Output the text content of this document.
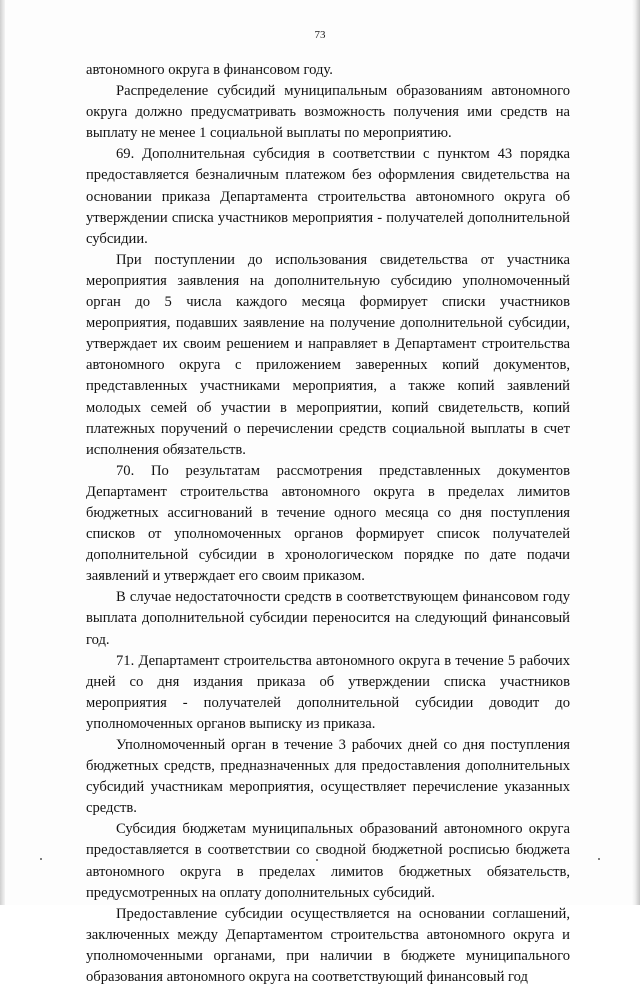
73

автономного округа в финансовом году.

Распределение субсидий муниципальным образованиям автономного округа должно предусматривать возможность получения ими средств на выплату не менее 1 социальной выплаты по мероприятию.

69. Дополнительная субсидия в соответствии с пунктом 43 порядка предоставляется безналичным платежом без оформления свидетельства на основании приказа Департамента строительства автономного округа об утверждении списка участников мероприятия - получателей дополнительной субсидии.

При поступлении до использования свидетельства от участника мероприятия заявления на дополнительную субсидию уполномоченный орган до 5 числа каждого месяца формирует списки участников мероприятия, подавших заявление на получение дополнительной субсидии, утверждает их своим решением и направляет в Департамент строительства автономного округа с приложением заверенных копий документов, представленных участниками мероприятия, а также копий заявлений молодых семей об участии в мероприятии, копий свидетельств, копий платежных поручений о перечислении средств социальной выплаты в счет исполнения обязательств.

70. По результатам рассмотрения представленных документов Департамент строительства автономного округа в пределах лимитов бюджетных ассигнований в течение одного месяца со дня поступления списков от уполномоченных органов формирует список получателей дополнительной субсидии в хронологическом порядке по дате подачи заявлений и утверждает его своим приказом.

В случае недостаточности средств в соответствующем финансовом году выплата дополнительной субсидии переносится на следующий финансовый год.

71. Департамент строительства автономного округа в течение 5 рабочих дней со дня издания приказа об утверждении списка участников мероприятия - получателей дополнительной субсидии доводит до уполномоченных органов выписку из приказа.

Уполномоченный орган в течение 3 рабочих дней со дня поступления бюджетных средств, предназначенных для предоставления дополнительных субсидий участникам мероприятия, осуществляет перечисление указанных средств.

Субсидия бюджетам муниципальных образований автономного округа предоставляется в соответствии со сводной бюджетной росписью бюджета автономного округа в пределах лимитов бюджетных обязательств, предусмотренных на оплату дополнительных субсидий.

Предоставление субсидии осуществляется на основании соглашений, заключенных между Департаментом строительства автономного округа и уполномоченными органами, при наличии в бюджете муниципального образования автономного округа на соответствующий финансовый год
